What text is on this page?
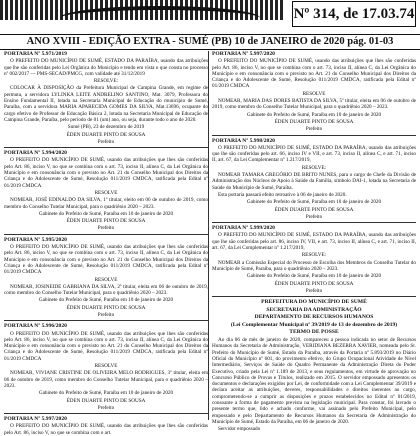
Nº 314, de 17.03.74
ANO XVIII - EDIÇÃO EXTRA - SUMÉ (PB) 10 de JANEIRO de 2020 pág. 01-03
PORTARIA Nº 5.971/2019
O PREFEITO DO MUNICÍPIO DE SUMÉ, ESTADO DA PARAÍBA, usando das atribuições que lhe são conferidas pelo Lei Orgânica do Município e tendo em vista o que consta no processo nº 002/2017 — PMS-SECAD/PMCG, com validade até 31/12/2019
RESOLVE:
COLOCAR À DISPOSIÇÃO da Prefeitura Municipal de Campina Grande, em regime de permuta, a servidora LYLINKA LEITE ANDRELINO SANTINO, Mat. 3079, Professora do Ensino Fundamental II, lotada na Secretaria Municipal de Educação do município de Sumé, Paraíba, com a servidora MARIA APARECIDA GOMES DA SILVA, Mat.13696, ocupante do cargo efetivo de Professor de Educação Básica 2, lotada na Secretaria Municipal de Educação de Campina Grande, Paraíba, pelo período de 01 (um) ano, ou seja, durante todo o ano de 2020.
Sumé (PB), 23 de dezembro de 2019
ÉDEN DUARTE PINTO DE SOUSA
Prefeito
PORTARIA Nº 5.994/2020
O PREFEITO DO MUNICÍPIO DE SUMÉ, usando das atribuições que lhes são conferidas pelo Art. 86, inciso V, no que se combina com o art. 73, inciso II, alínea C, da Lei Orgânica do Município e em consonância com o previsto no Art. 21 do Conselho Municipal dos Direitos da Criança e do Adolescente de Sumé, Resolução 011/2019 CMDCA, ratificada pela Edital nº 01/2019 CMDCA
RESOLVE
NOMEAR, JOSÉ EDINALDO DA SILVA, 1º titular, eleito em 06 de outubro de 2019, como membro do Conselho Tutelar Municipal, para o quadriênio 2020 – 2023.
Gabinete do Prefeito de Sumé, Paraíba em 10 de janeiro de 2020
ÉDEN DUARTE PINTO DE SOUSA
Prefeito
PORTARIA Nº 5.995/2020
O PREFEITO DO MUNICÍPIO DE SUMÉ, usando das atribuições que lhes são conferidas pelo Art. 86, inciso V, no que se combina com o art. 73, inciso II, alínea C, da Lei Orgânica do Município e em consonância com o previsto no Art. 21 do Conselho Municipal dos Direitos da Criança e do Adolescente de Sumé, Resolução 011/2019 CMDCA, ratificada pela Edital nº 01/2019 CMDCA
RESOLVE
NOMEAR, JOSINEIDE GABRIANA DA SILVA, 2º titular, eleita em 06 de outubro de 2019, como membro do Conselho Tutelar Municipal, para o quadriênio 2020 – 2023.
Gabinete do Prefeito de Sumé, Paraíba em 10 de janeiro de 2020
ÉDEN DUARTE PINTO DE SOUSA
Prefeito
PORTARIA Nº 5.996/2020
O PREFEITO DO MUNICÍPIO DE SUMÉ, usando das atribuições que lhes são conferidas pelo Art. 86, inciso V, no que se combina com o art. 73, inciso II, alínea C, da Lei Orgânica do Município e em consonância com o previsto no Art. 21 do Conselho Municipal dos Direitos da Criança e do Adolescente de Sumé, Resolução 011/2019 CMDCA, ratificada pela Edital nº 01/2019 CMDCA
RESOLVE
NOMEAR, VIVIANE CRISTINE DE OLIVEIRA MELO RODRIGUES, 3º titular, eleita em 06 de outubro de 2019, como membro do Conselho Tutelar Municipal, para o quadriênio 2020 – 2023.
Gabinete do Prefeito de Sumé, Paraíba em 10 de janeiro de 2020
ÉDEN DUARTE PINTO DE SOUSA
Prefeito
PORTARIA Nº 5.997/2020
O PREFEITO DO MUNICÍPIO DE SUMÉ, usando das atribuições que lhes são conferidas pelo Art. 86, inciso V, no que se combina com o art.
PORTARIA Nº 5.997/2020
O PREFEITO DO MUNICÍPIO DE SUMÉ, usando das atribuições que lhes são conferidas pelo Art. 86, inciso V, no que se combina com o art. 73, inciso II, alínea C, da Lei Orgânica do Município e em consonância com o previsto no Art. 21 do Conselho Municipal dos Direitos da Criança e do Adolescente de Sumé, Resolução 011/2019 CMDCA, ratificada pela Edital nº 01/2019 CMDCA
RESOLVE
NOMEAR, MARIA DAS DORES BATISTA DA SILVA, 5º titular, eleita em 06 de outubro de 2019, como membro do Conselho Tutelar Municipal, para o quadriênio 2020 – 2023.
Gabinete do Prefeito de Sumé, Paraíba em 10 de janeiro de 2020
ÉDEN DUARTE PINTO DE SOUSA
Prefeito
PORTARIA Nº 5.998/2020
O PREFEITO DO MUNICÍPIO DE SUMÉ, ESTADO DA PARAÍBA, usando das atribuições que lhe são conferidas pelo art. 66, inciso IV e VII, e art. 73, inciso II, alínea C, e art. 71, inciso II, art. 67, da Lei Complementar nº 1.217/2019,
RESOLVE:
NOMEAR TAMARA GREGÓRIO DE BRITO NUNES, para o cargo de Chefe da Divisão de Administração dos Núcleos de Apoio à Saúde da Família, símbolo DAI-1, lotada na Secretaria de Saúde do Município de Sumé, Paraíba.
Esta portaria passará efeito retroativo à 06 de janeiro de 2020.
Gabinete do Prefeito de Sumé, Paraíba em 10 de janeiro de 2020
ÉDEN DUARTE PINTO DE SOUSA
Prefeito
PORTARIA Nº 5.999/2020
O PREFEITO DO MUNICÍPIO DE SUMÉ, ESTADO DA PARAÍBA, usando das atribuições que lhe são conferidas pelo art. 86, inciso IV, VII, e art. 73, inciso II, alínea C, e art. 71, inciso II, art. 67, da Lei Complementar nº 1.217/2019,
RESOLVE:
NOMEAR a Comissão Especial do Processo de Escolha dos Membros do Conselho Tutelar do Município de Sumé, Paraíba, para o quadriênio 2020 – 2023.
Gabinete do Prefeito de Sumé, Paraíba em 10 de janeiro de 2020
ÉDEN DUARTE PINTO DE SOUSA
Prefeito
PREFEITURA DO MUNICÍPIO DE SUMÉ
SECRETARIA DA ADMINISTRAÇÃO
DEPARTAMENTO DE RECURSOS HUMANOS
(Lei Complementar Municipal nº 39/2019 de 13 de dezembro de 2019)
TERMO DE POSSE
Ao dia 06 de mês de janeiro de 2020, compareceu a pessoa indicada no setor de Recursos Humanos da Secretaria de Administração, VERIDIANA BEZERRA XAVIER, nomeada pelo Sr. Prefeito do Município de Sumé, Estado da Paraíba, através da Portaria nº 5.893/2019 no Diário Oficial do Município nº 601, do provimento efetivo, do Grupo Ocupacional Atividade de Nível Intermediário, Serviços de Saúde do Quadro Permanente da Administração Direta do Poder Executivo, criado pela Lei nº 1.189 de 2013, e seus regulamentos, em virtude de aprovação no Concurso Público de Provas e Títulos, realizado em 2015. O servidor empossado apresentou os documentos e declarações exigidos por Lei, de conformidade com a Lei Complementar 39/2019 e declara aceitar as atribuições, deveres, responsabilidades e direitos inerentes ao cargo, comprometendo-se a cumprir as disposições e prazos estabelecidos no Edital nº 01/2019, consoante a forma de pagamento prevista na legislação municipal. Para constar, foi lavrado o presente termo que, lido e achado conforme, vai assinado pelo Prefeito Municipal, pelo empossado e pelo Departamento de Recursos Humanos da Secretaria de Administração do Município de Sumé, Estado da Paraíba, em 06 de janeiro de 2020.
Servidor empossado
